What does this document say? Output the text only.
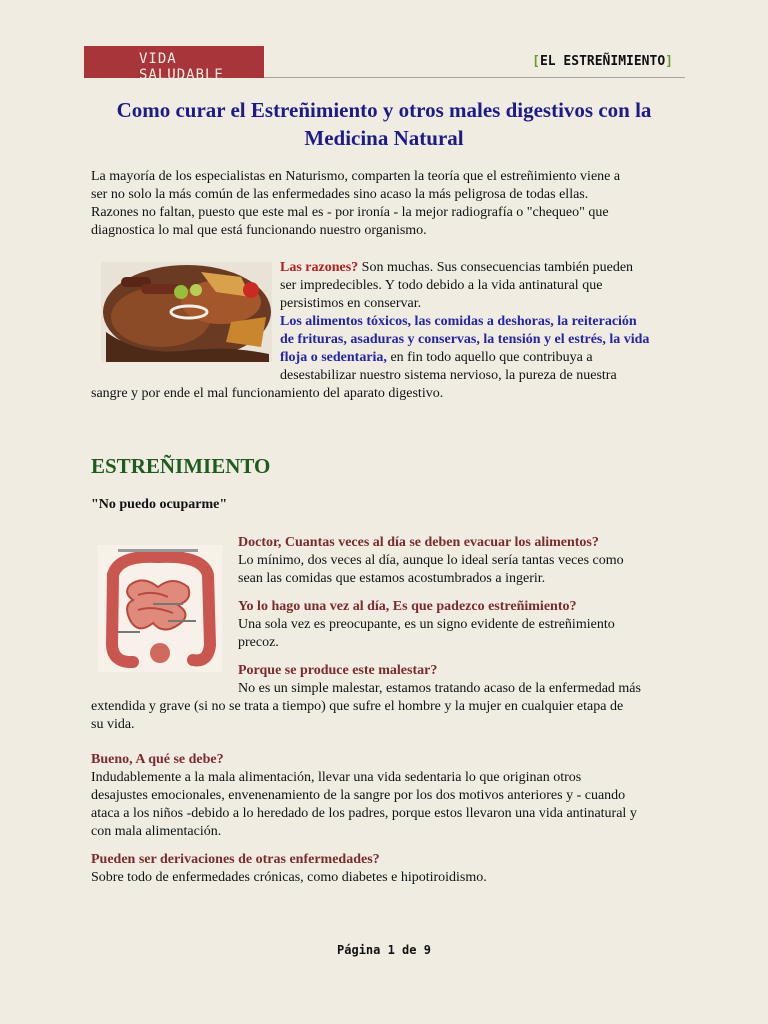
VIDA SALUDABLE
[EL ESTREÑIMIENTO]
Como curar el Estreñimiento y otros males digestivos con la
Medicina Natural
La mayoría de los especialistas en Naturismo, comparten la teoría que el estreñimiento viene a
ser no solo la más común de las enfermedades sino acaso la más peligrosa de todas ellas.
Razones no faltan, puesto que este mal es - por ironía - la mejor radiografía o "chequeo" que
diagnostica lo mal que está funcionando nuestro organismo.
Las razones? Son muchas. Sus consecuencias también pueden
ser impredecibles. Y todo debido a la vida antinatural que
persistimos en conservar.
Los alimentos tóxicos, las comidas a deshoras, la reiteración
de frituras, asaduras y conservas, la tensión y el estrés, la vida
floja o sedentaria, en fin todo aquello que contribuya a
desestabilizar nuestro sistema nervioso, la pureza de nuestra
sangre y por ende el mal funcionamiento del aparato digestivo.
ESTREÑIMIENTO
"No puedo ocuparme"
Doctor, Cuantas veces al día se deben evacuar los alimentos?
Lo mínimo, dos veces al día, aunque lo ideal sería tantas veces como
sean las comidas que estamos acostumbrados a ingerir.
Yo lo hago una vez al día, Es que padezco estreñimiento?
Una sola vez es preocupante, es un signo evidente de estreñimiento
precoz.
Porque se produce este malestar?
No es un simple malestar, estamos tratando acaso de la enfermedad más
extendida y grave (si no se trata a tiempo) que sufre el hombre y la mujer en cualquier etapa de
su vida.
Bueno, A qué se debe?
Indudablemente a la mala alimentación, llevar una vida sedentaria lo que originan otros
desajustes emocionales, envenenamiento de la sangre por los dos motivos anteriores y - cuando
ataca a los niños -debido a lo heredado de los padres, porque estos llevaron una vida antinatural y
con mala alimentación.
Pueden ser derivaciones de otras enfermedades?
Sobre todo de enfermedades crónicas, como diabetes e hipotiroidismo.
Página 1 de 9
